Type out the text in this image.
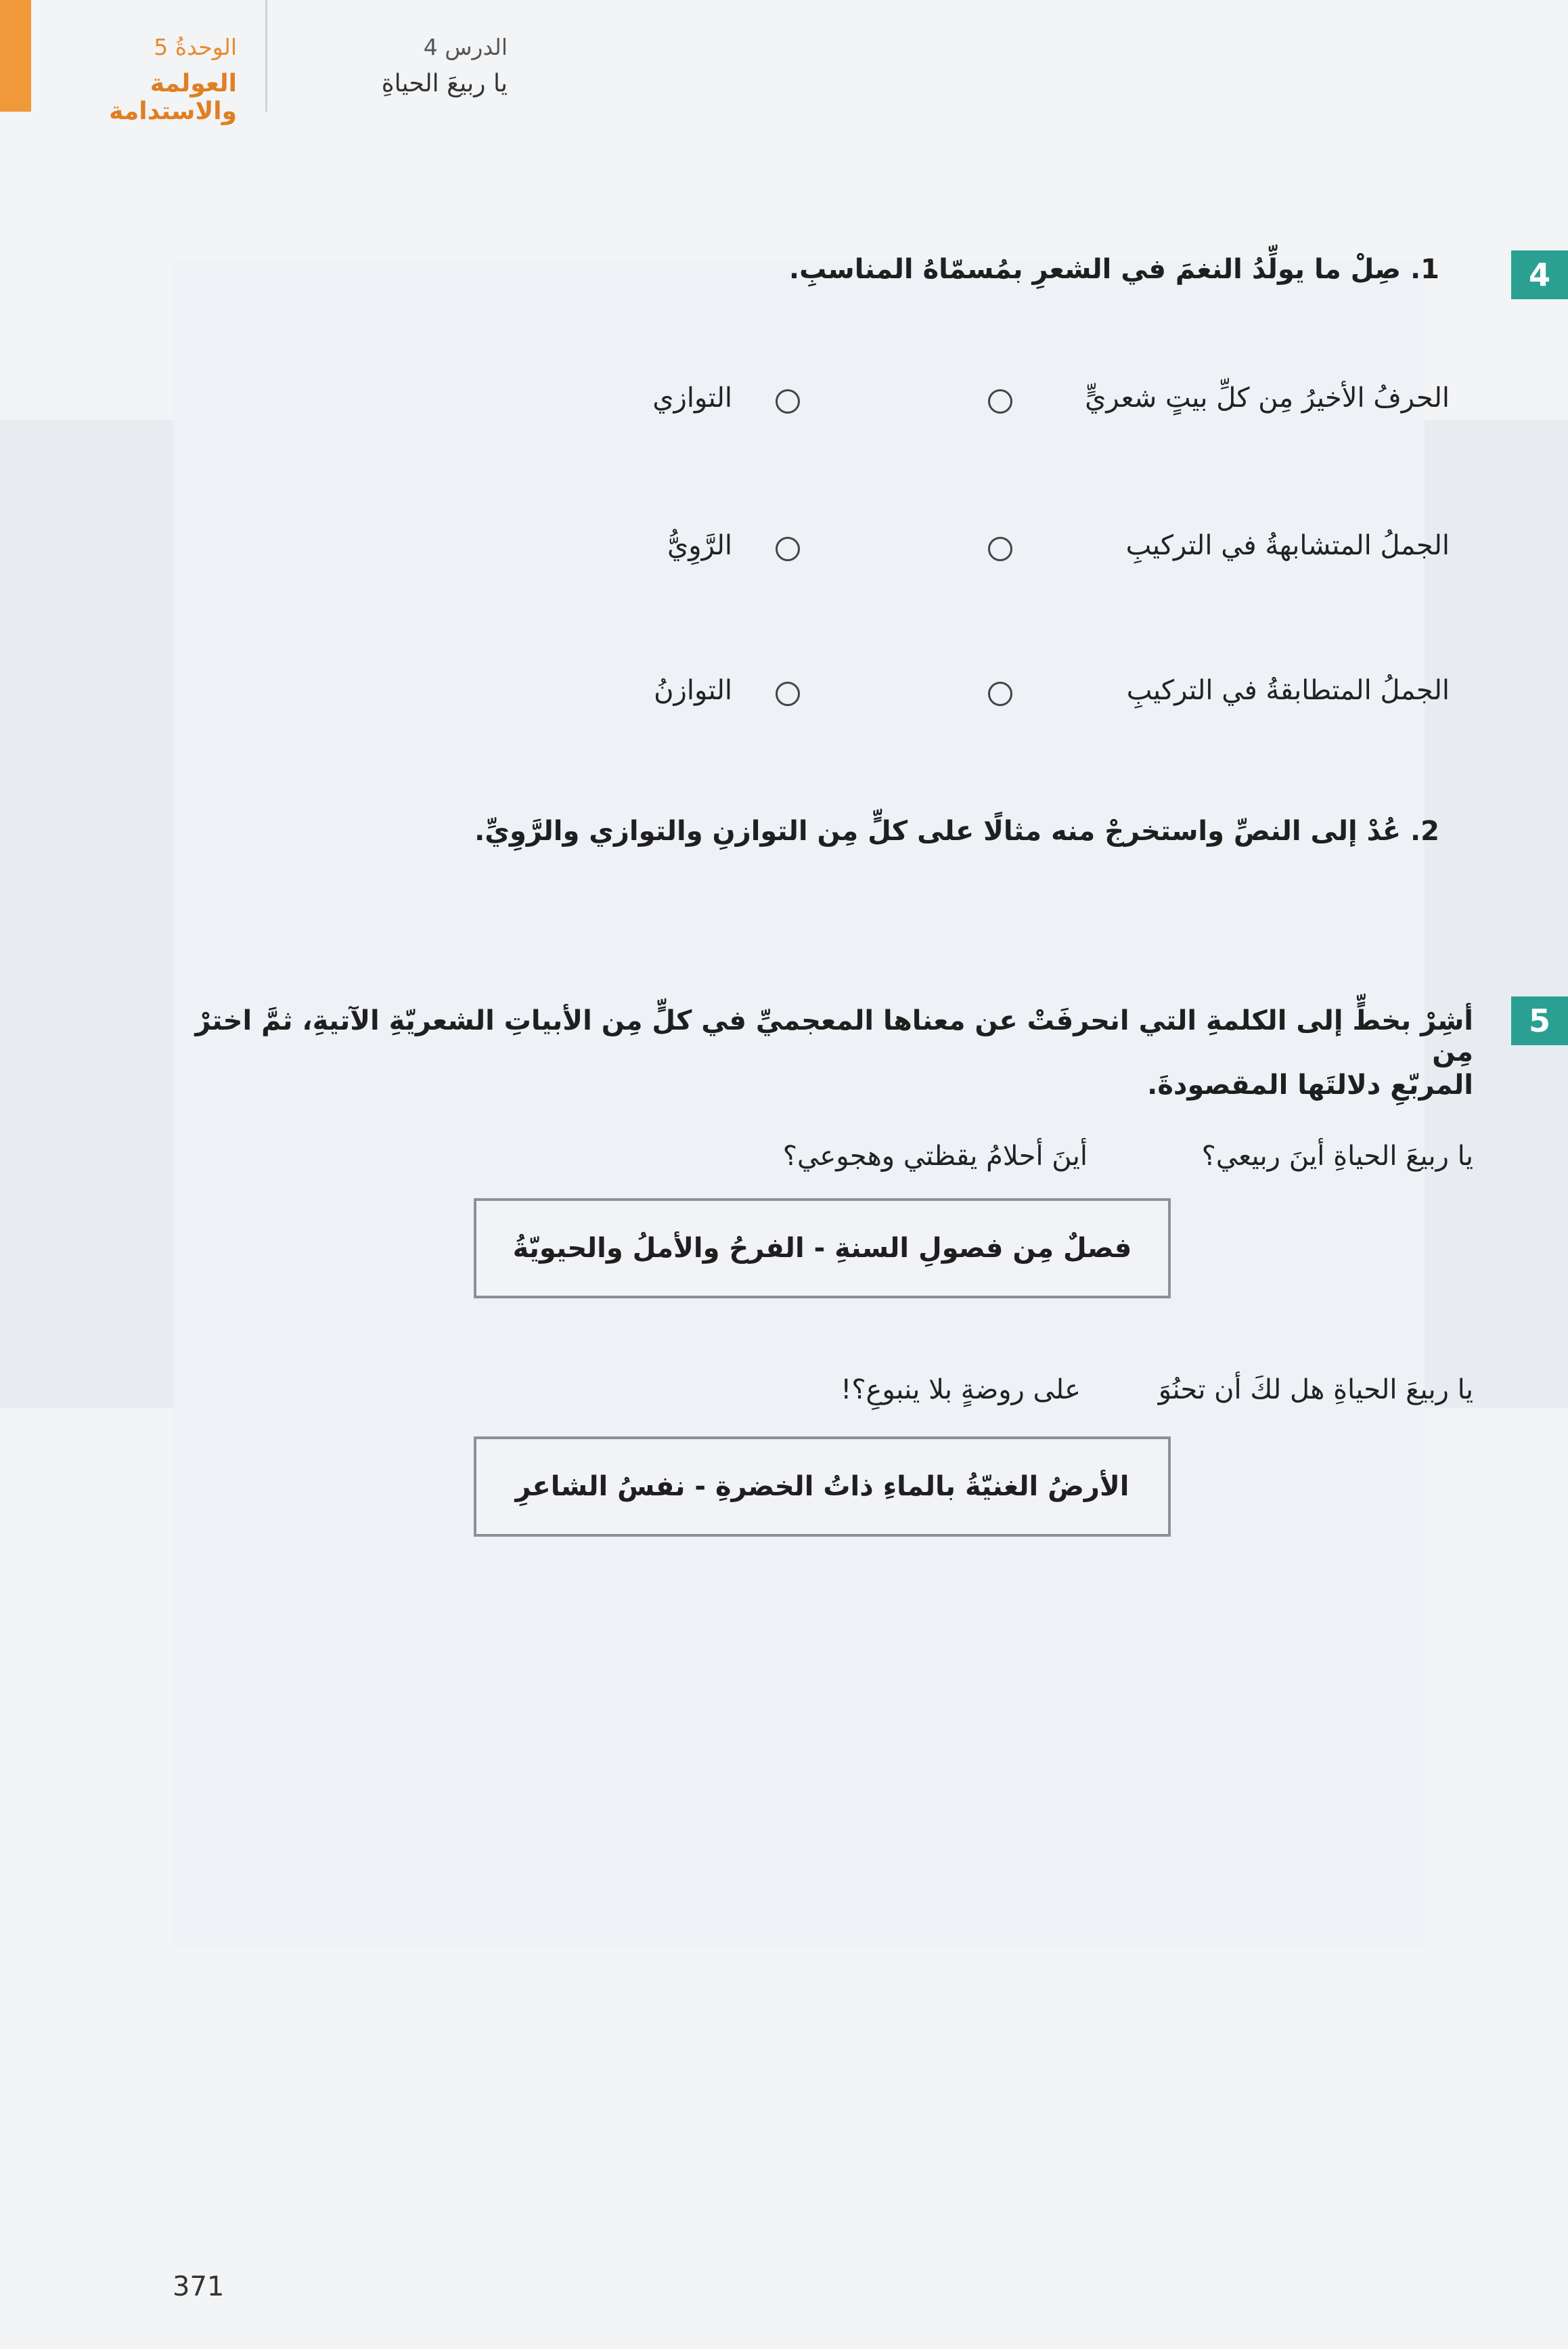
الوحدةُ 5
العولمة والاستدامة
الدرس 4
يا ربيعَ الحياةِ
4
1. صِلْ ما يولِّدُ النغمَ في الشعرِ بمُسمّاهُ المناسبِ.
الحرفُ الأخيرُ مِن كلِّ بيتٍ شعريٍّ
التوازي
الجملُ المتشابهةُ في التركيبِ
الرَّوِيُّ
الجملُ المتطابقةُ في التركيبِ
التوازنُ
2. عُدْ إلى النصِّ واستخرجْ منه مثالًا على كلٍّ مِن التوازنِ والتوازي والرَّوِيِّ.
5
أشِرْ بخطٍّ إلى الكلمةِ التي انحرفَتْ عن معناها المعجميِّ في كلٍّ مِن الأبياتِ الشعريّةِ الآتيةِ، ثمَّ اخترْ مِن
المربّعِ دلالتَها المقصودةَ.
يا ربيعَ الحياةِ أينَ ربيعي؟
أينَ أحلامُ يقظتي وهجوعي؟
فصلٌ مِن فصولِ السنةِ - الفرحُ والأملُ والحيويّةُ
يا ربيعَ الحياةِ هل لكَ أن تحنُوَ
على روضةٍ بلا ينبوعِ؟!
الأرضُ الغنيّةُ بالماءِ ذاتُ الخضرةِ - نفسُ الشاعرِ
371
